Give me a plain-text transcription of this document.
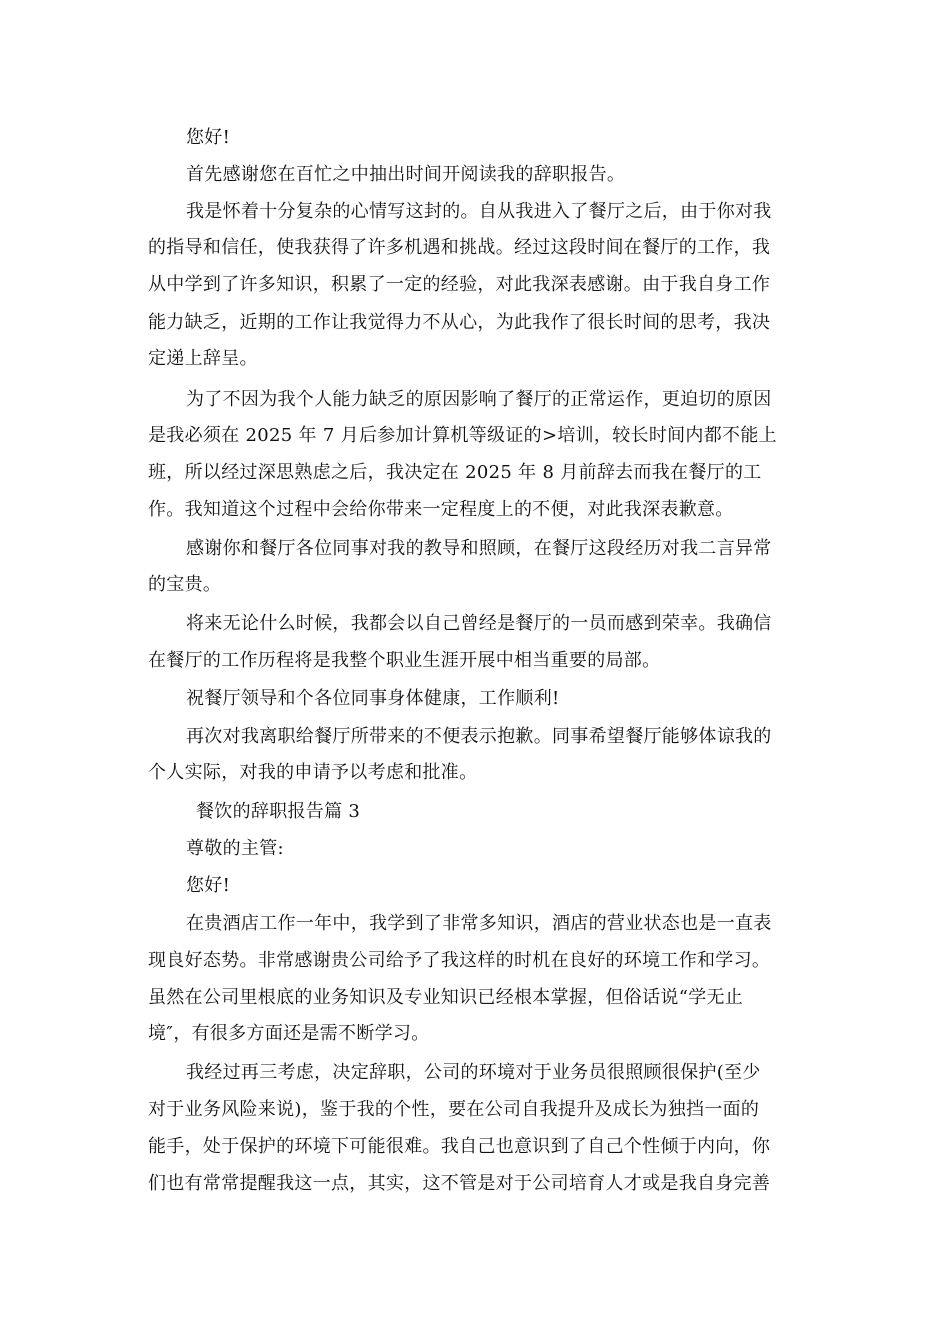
您好!
首先感谢您在百忙之中抽出时间开阅读我的辞职报告。
我是怀着十分复杂的心情写这封的。自从我进入了餐厅之后，由于你对我
的指导和信任，使我获得了许多机遇和挑战。经过这段时间在餐厅的工作，我
从中学到了许多知识，积累了一定的经验，对此我深表感谢。由于我自身工作
能力缺乏，近期的工作让我觉得力不从心，为此我作了很长时间的思考，我决
定递上辞呈。
为了不因为我个人能力缺乏的原因影响了餐厅的正常运作，更迫切的原因
是我必须在 2025 年 7 月后参加计算机等级证的>培训，较长时间内都不能上
班，所以经过深思熟虑之后，我决定在 2025 年 8 月前辞去而我在餐厅的工
作。我知道这个过程中会给你带来一定程度上的不便，对此我深表歉意。
感谢你和餐厅各位同事对我的教导和照顾，在餐厅这段经历对我二言异常
的宝贵。
将来无论什么时候，我都会以自己曾经是餐厅的一员而感到荣幸。我确信
在餐厅的工作历程将是我整个职业生涯开展中相当重要的局部。
祝餐厅领导和个各位同事身体健康，工作顺利!
再次对我离职给餐厅所带来的不便表示抱歉。同事希望餐厅能够体谅我的
个人实际，对我的申请予以考虑和批准。
餐饮的辞职报告篇 3
尊敬的主管:
您好!
在贵酒店工作一年中，我学到了非常多知识，酒店的营业状态也是一直表
现良好态势。非常感谢贵公司给予了我这样的时机在良好的环境工作和学习。
虽然在公司里根底的业务知识及专业知识已经根本掌握，但俗话说“学无止
境″，有很多方面还是需不断学习。
我经过再三考虑，决定辞职，公司的环境对于业务员很照顾很保护(至少
对于业务风险来说)，鉴于我的个性，要在公司自我提升及成长为独挡一面的
能手，处于保护的环境下可能很难。我自己也意识到了自己个性倾于内向，你
们也有常常提醒我这一点，其实，这不管是对于公司培育人才或是我自身完善
